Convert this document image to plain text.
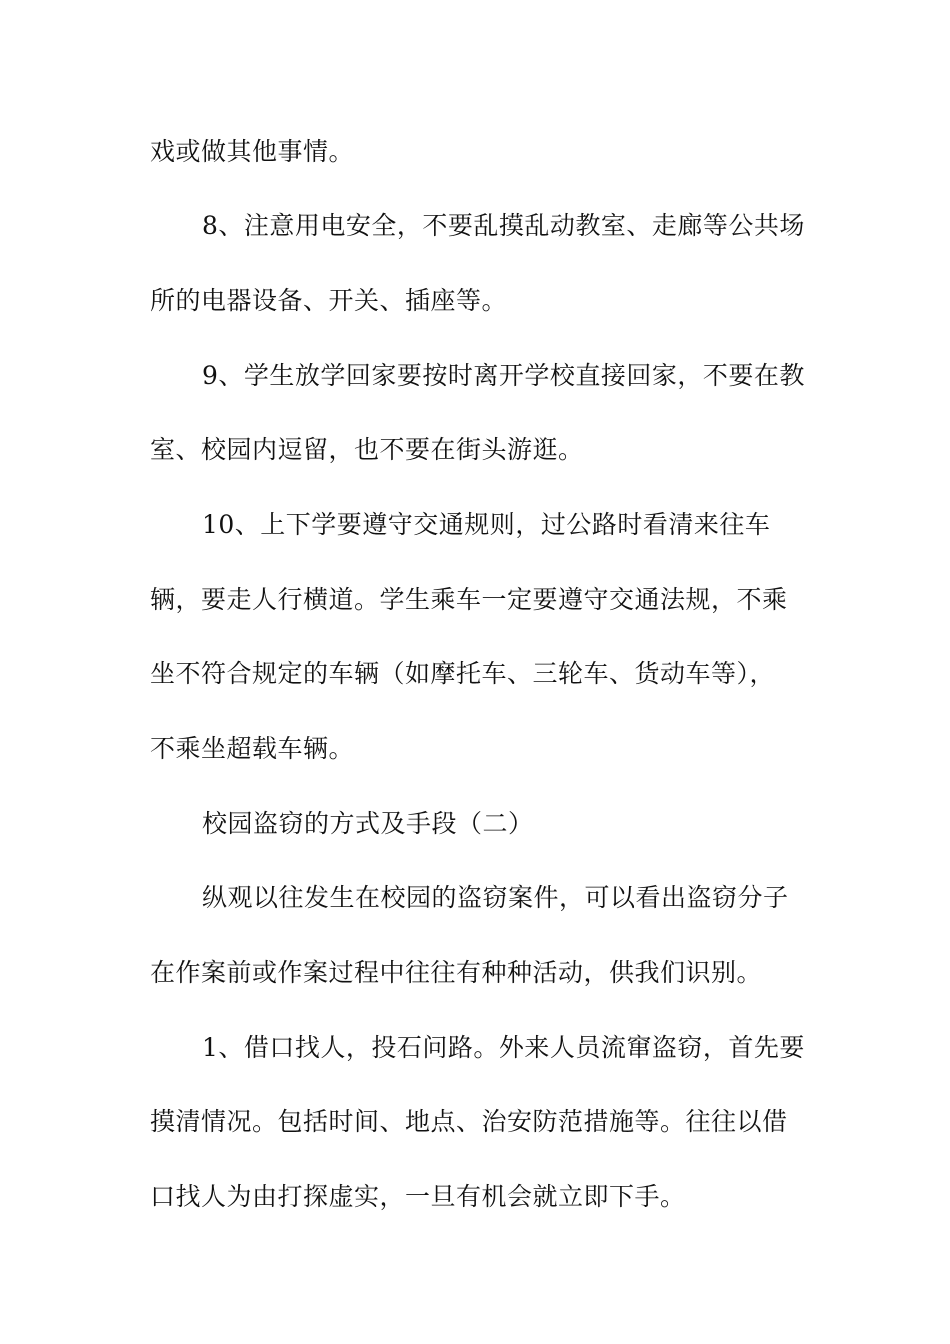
戏或做其他事情。
8、注意用电安全，不要乱摸乱动教室、走廊等公共场
所的电器设备、开关、插座等。
9、学生放学回家要按时离开学校直接回家，不要在教
室、校园内逗留，也不要在街头游逛。
10、上下学要遵守交通规则，过公路时看清来往车
辆，要走人行横道。学生乘车一定要遵守交通法规，不乘
坐不符合规定的车辆（如摩托车、三轮车、货动车等），
不乘坐超载车辆。
校园盗窃的方式及手段（二）
纵观以往发生在校园的盗窃案件，可以看出盗窃分子
在作案前或作案过程中往往有种种活动，供我们识别。
1、借口找人，投石问路。外来人员流窜盗窃，首先要
摸清情况。包括时间、地点、治安防范措施等。往往以借
口找人为由打探虚实，一旦有机会就立即下手。
